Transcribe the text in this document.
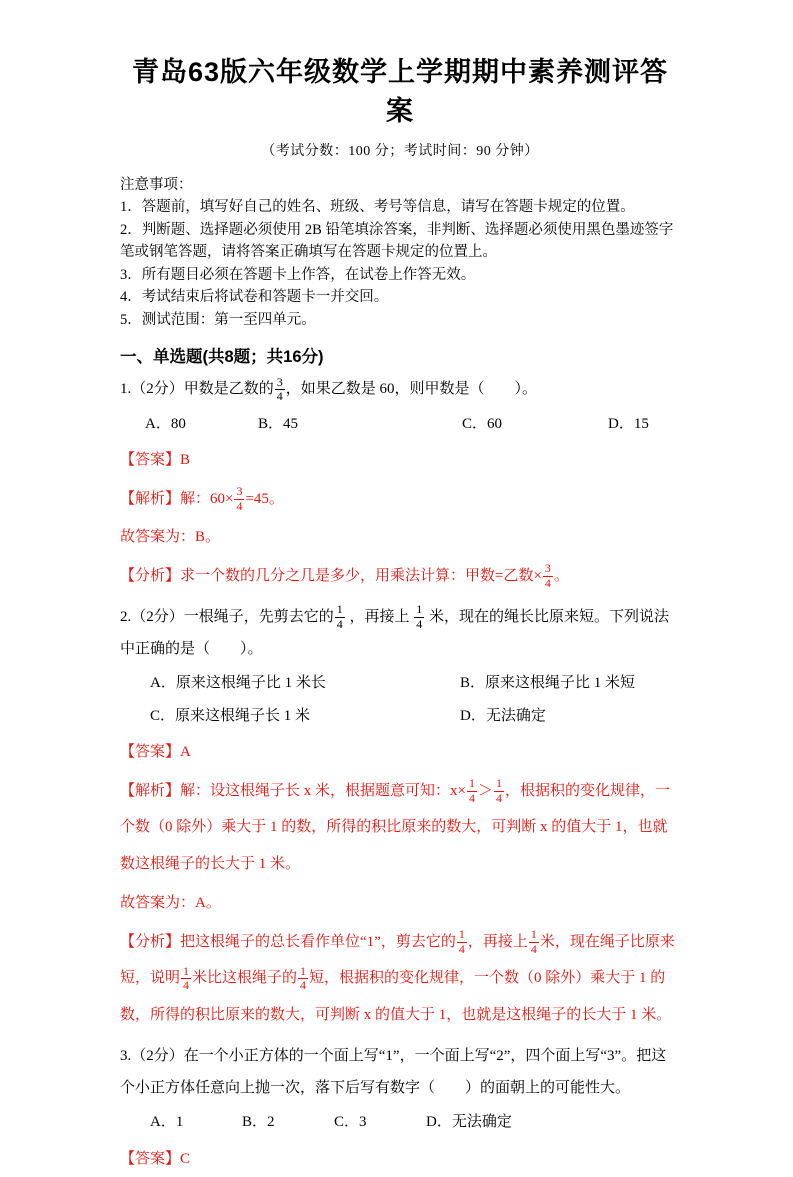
青岛63版六年级数学上学期期中素养测评答案
（考试分数：100 分；考试时间：90 分钟）
注意事项：
1．答题前，填写好自己的姓名、班级、考号等信息，请写在答题卡规定的位置。
2．判断题、选择题必须使用 2B 铅笔填涂答案，非判断、选择题必须使用黑色墨迹签字笔或钢笔答题，请将答案正确填写在答题卡规定的位置上。
3．所有题目必须在答题卡上作答，在试卷上作答无效。
4．考试结束后将试卷和答题卡一并交回。
5．测试范围：第一至四单元。
一、单选题(共8题；共16分)
1.（2分）甲数是乙数的 $\frac{3}{4}$ ，如果乙数是 60，则甲数是（　　）。
A．80	B．45	C．60	D．15
【答案】B
【解析】解：$60\times \frac{3}{4} =45$。
故答案为：B。
【分析】求一个数的几分之几是多少，用乘法计算：甲数=乙数× $\frac{3}{4}$ 。
2.（2分）一根绳子，先剪去它的 $\frac{1}{4}$ ，再接上 $\frac{1}{4}$ 米，现在的绳长比原来短。下列说法中正确的是（　　）。
A．原来这根绳子比 1 米长	B．原来这根绳子比 1 米短
C．原来这根绳子长 1 米	D．无法确定
【答案】A
【解析】解：设这根绳子长 x 米，根据题意可知：$x\times \frac{1}{4} > \frac{1}{4}$ ，根据积的变化规律，一个数（0 除外）乘大于 1 的数，所得的积比原来的数大，可判断 x 的值大于 1，也就数这根绳子的长大于 1 米。
故答案为：A。
【分析】把这根绳子的总长看作单位“1”，剪去它的 $\frac{1}{4}$ ，再接上 $\frac{1}{4}$ 米，现在绳子比原来短，说明 $\frac{1}{4}$ 米比这根绳子的 $\frac{1}{4}$ 短，根据积的变化规律，一个数（0 除外）乘大于 1 的数，所得的积比原来的数大，可判断 x 的值大于 1，也就是这根绳子的长大于 1 米。
3.（2分）在一个小正方体的一个面上写“1”，一个面上写“2”，四个面上写“3”。把这个小正方体任意向上抛一次，落下后写有数字（　　）的面朝上的可能性大。
A．1	B．2	C．3	D．无法确定
【答案】C
